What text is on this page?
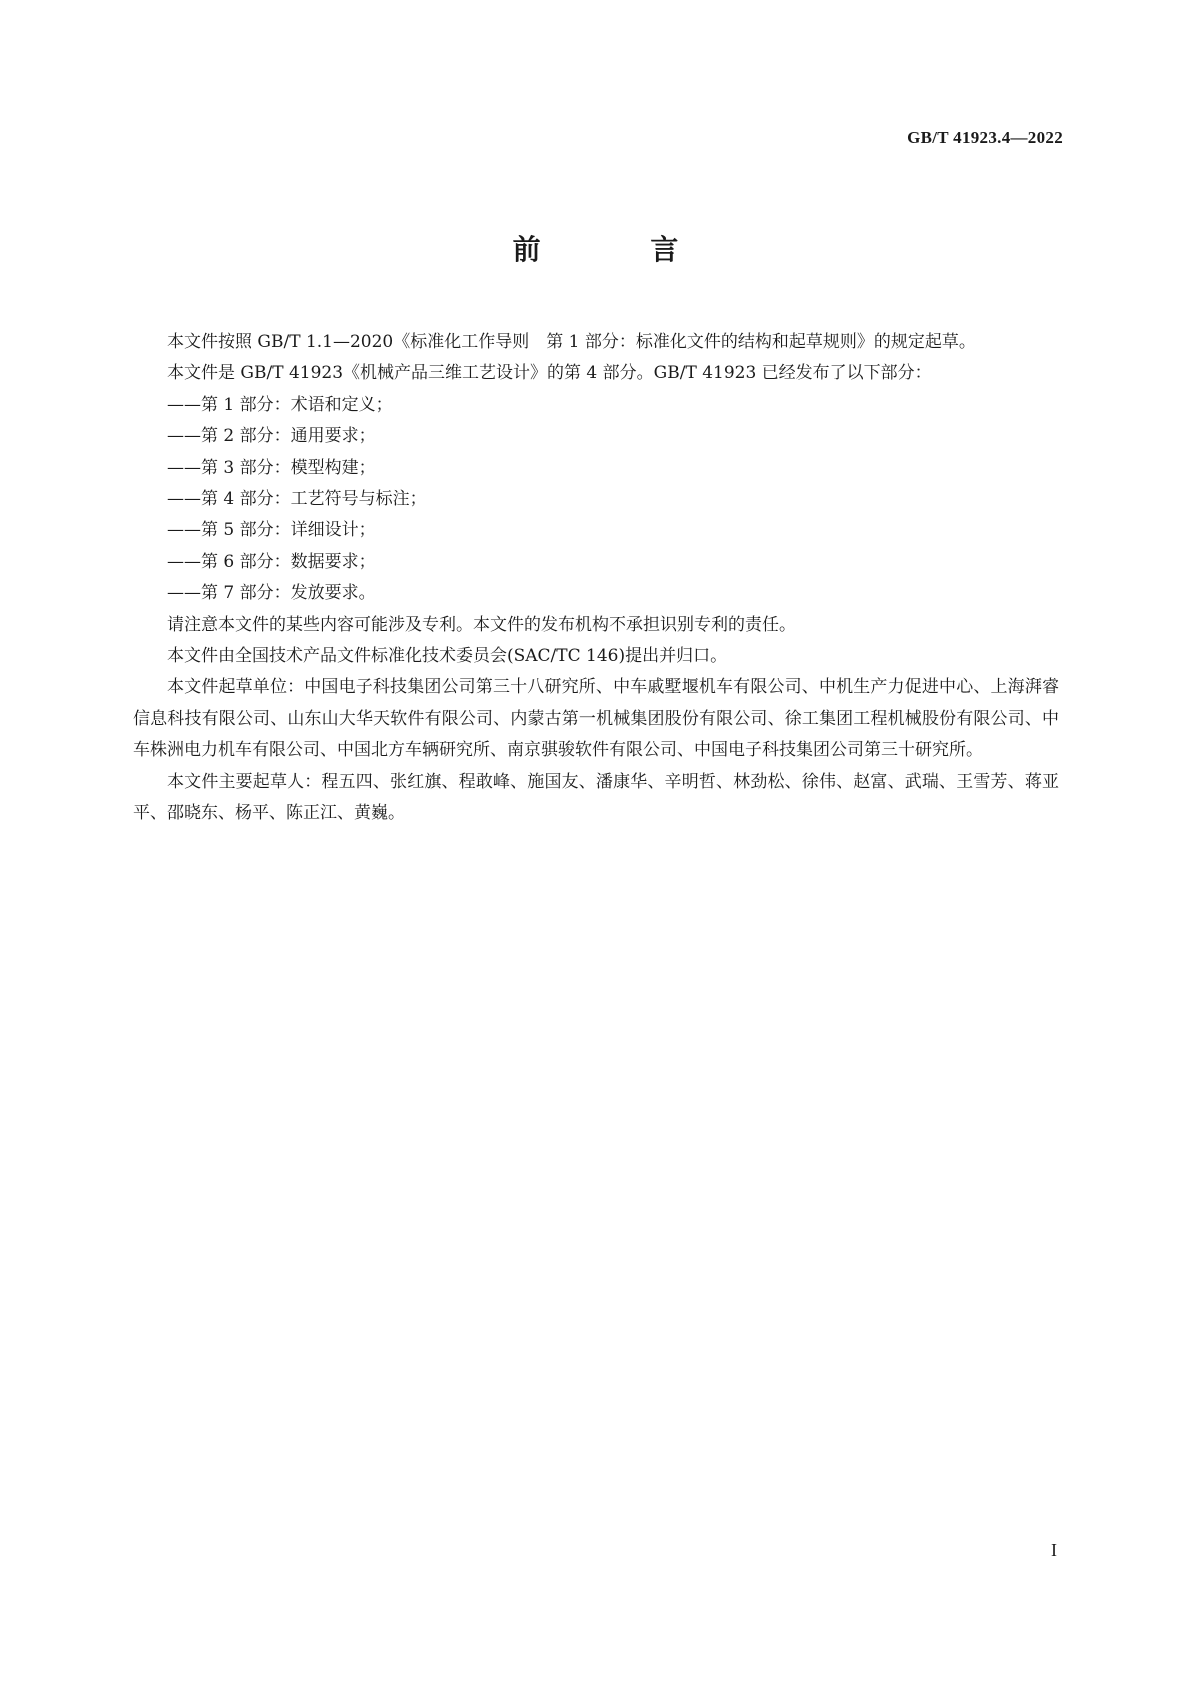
GB/T 41923.4—2022
前 言

本文件按照 GB/T 1.1—2020《标准化工作导则　第 1 部分：标准化文件的结构和起草规则》的规定起草。

本文件是 GB/T 41923《机械产品三维工艺设计》的第 4 部分。GB/T 41923 已经发布了以下部分：

——第 1 部分：术语和定义；

——第 2 部分：通用要求；

——第 3 部分：模型构建；

——第 4 部分：工艺符号与标注；

——第 5 部分：详细设计；

——第 6 部分：数据要求；

——第 7 部分：发放要求。

请注意本文件的某些内容可能涉及专利。本文件的发布机构不承担识别专利的责任。

本文件由全国技术产品文件标准化技术委员会(SAC/TC 146)提出并归口。

本文件起草单位：中国电子科技集团公司第三十八研究所、中车戚墅堰机车有限公司、中机生产力促进中心、上海湃睿信息科技有限公司、山东山大华天软件有限公司、内蒙古第一机械集团股份有限公司、徐工集团工程机械股份有限公司、中车株洲电力机车有限公司、中国北方车辆研究所、南京骐骏软件有限公司、中国电子科技集团公司第三十研究所。

本文件主要起草人：程五四、张红旗、程敢峰、施国友、潘康华、辛明哲、林劲松、徐伟、赵富、武瑞、王雪芳、蒋亚平、邵晓东、杨平、陈正江、黄巍。

I
